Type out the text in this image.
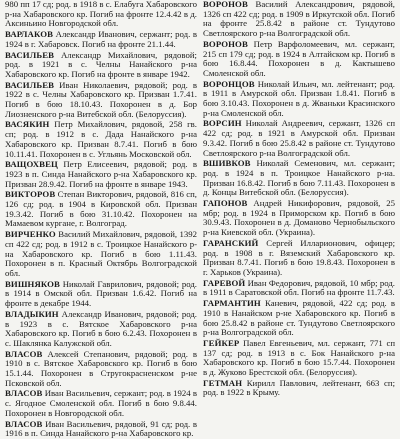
980 пп 17 сд; род. в 1918 в с. Елабуга Хабаровского р-на Хабаровского кр. Погиб на фронте 12.4.42 в д. Аксиньино Новгородской обл.

ВАРЛАКОВ Александр Иванович, сержант; род. в 1924 в г. Хабаровск. Погиб на фронте 21.1.44.

ВАСИЛЬЕВ Александр Михайлович, рядовой; род. в 1921 в с. Челны Нанайского р-на Хабаровского кр. Погиб на фронте в январе 1942.

ВАСИЛЬЕВ Иван Николаевич, рядовой; род. в 1922 в с. Челны Хабаровского кр. Призван 1.7.41. Погиб в бою 18.10.43. Похоронен в д. Бор Лиозненского р-на Витебской обл. (Белоруссия).

ВАСЯКИН Петр Михайлович, рядовой, 258 гв. сп; род. в 1912 в с. Дада Нанайского р-на Хабаровского кр. Призван 8.7.41. Погиб в бою 10.11.41. Похоронен в с. Угльянь Московской обл.

ВАЩОХВЕЦ Петр Елисеевич, рядовой; род. в 1923 в п. Синда Нанайского р-на Хабаровского кр. Призван 28.9.42. Погиб на фронте в январе 1943.

ВИКТОРОВ Степан Викторович, рядовой, 816 сп, 126 сд; род. в 1904 в Кировской обл. Призван 19.3.42. Погиб в бою 31.10.42. Похоронен на Мамаевом кургане, г. Волгоград.

ВИРЧЕНКО Василий Михайлович, рядовой, 1392 сп 422 сд; род. в 1912 в с. Троицкое Нанайского р-на Хабаровского кр. Погиб в бою 1.11.43. Похоронен в п. Красный Октябрь Волгоградской обл.

ВИШНЯКОВ Николай Гаврилович, рядовой; род. в 1914 в Омской обл. Призван 1.6.42. Погиб на фронте в декабре 1944.

ВЛАДЫКИН Александр Иванович, рядовой; род. в 1923 в с. Вятское Хабаровского р-на Хабаровского кр. Погиб в бою 6.2.43. Похоронен в с. Шаклянка Калужской обл.

ВЛАСОВ Алексей Степанович, рядовой; род. в 1910 в с. Вятское Хабаровского кр. Погиб в бою 15.1.44. Похоронен в Стругокрасненском р-не Псковской обл.

ВЛАСОВ Иван Васильевич, сержант; род. в 1924 в с. Ягодное Смоленской обл. Погиб в бою 9.8.44. Похоронен в Новгородской обл.

ВЛАСОВ Иван Васильевич, рядовой, 91 сд; род. в 1916 в п. Синда Нанайского р-на Хабаровского кр.

ВОРОНОВ Василий Александрович, рядовой, 1326 сп 422 сд; род. в 1909 в Иркутской обл. Погиб на фронте 25.8.42 в районе ст. Тундутово Светлоярского р-на Волгоградской обл.

ВОРОНОВ Петр Варфоломеевич, мл. сержант, 215 сп 179 сд; род. в 1924 в Алтайском кр. Погиб в бою 16.8.44. Похоронен в д. Кактышево Смоленской обл.

ВОРОНЦОВ Николай Ильич, мл. лейтенант; род. в 1911 в Амурской обл. Призван 1.8.41. Погиб в бою 3.10.43. Похоронен в д. Жваньки Красинского р-на Смоленской обл.

ВОРСИН Николай Андреевич, сержант, 1326 сп 422 сд; род. в 1921 в Амурской обл. Призван 9.3.42. Погиб в бою 25.8.42 в районе ст. Тундутово Светлоярского р-на Волгоградской обл.

ВШИВКОВ Николай Семенович, мл. сержант; род. в 1924 в п. Троицкое Нанайского р-на. Призван 16.8.42. Погиб в бою 7.11.43. Похоронен в д. Концы Витебской обл. (Белоруссия).

ГАПОНОВ Андрей Никифорович, рядовой, 25 мбр; род. в 1924 в Приморском кр. Погиб в бою 30.9.43. Похоронен в д. Доманово Чернобыльского р-на Киевской обл. (Украина).

ГАРАНСКИЙ Сергей Илларионович, офицер; род. в 1908 в г. Вяземский Хабаровского кр. Призван 8.7.41. Погиб в бою 19.8.43. Похоронен в г. Харьков (Украина).

ГАРЕВОЙ Иван Федорович, рядовой, 10 мбр; род. в 1911 в Саратовской обл. Погиб на фронте 11.7.43.

ГАРМАНТИН Каневич, рядовой, 422 сд; род. в 1910 в Нанайском р-не Хабаровского кр. Погиб в бою 25.8.42 в районе ст. Тундутово Светлоярского р-на Волгоградской обл.

ГЕЙКЕР Павел Евгеньевич, мл. сержант, 771 сп 137 сд; род. в 1913 в с. Бок Нанайского р-на Хабаровского кр. Погиб в бою 15.7.44. Похоронен в д. Жуково Брестской обл. (Белоруссия).

ГЕТМАН Кирилл Павлович, лейтенант, 663 сп; род. в 1922 в Крыму.
